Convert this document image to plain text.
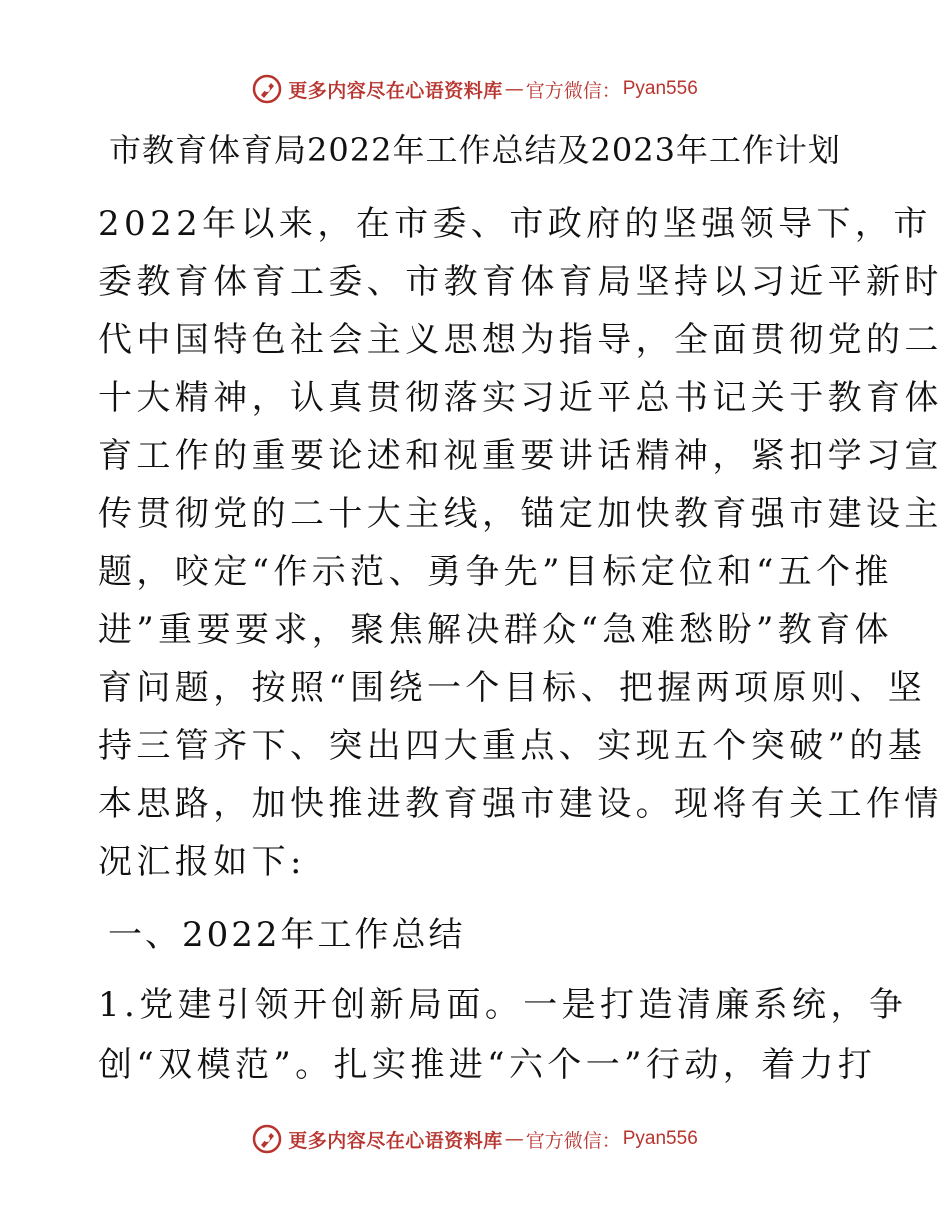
更多内容尽在心语资料库 — 官方微信： Pyan556
市教育体育局2022年工作总结及2023年工作计划
2022年以来，在市委、市政府的坚强领导下，市
委教育体育工委、市教育体育局坚持以习近平新时
代中国特色社会主义思想为指导，全面贯彻党的二
十大精神，认真贯彻落实习近平总书记关于教育体
育工作的重要论述和视重要讲话精神，紧扣学习宣
传贯彻党的二十大主线，锚定加快教育强市建设主
题，咬定“作示范、勇争先”目标定位和“五个推
进”重要要求，聚焦解决群众“急难愁盼”教育体
育问题，按照“围绕一个目标、把握两项原则、坚
持三管齐下、突出四大重点、实现五个突破”的基
本思路，加快推进教育强市建设。现将有关工作情
况汇报如下:
一、2022年工作总结
1.党建引领开创新局面。一是打造清廉系统，争
创“双模范”。扎实推进“六个一”行动，着力打
更多内容尽在心语资料库 — 官方微信： Pyan556
